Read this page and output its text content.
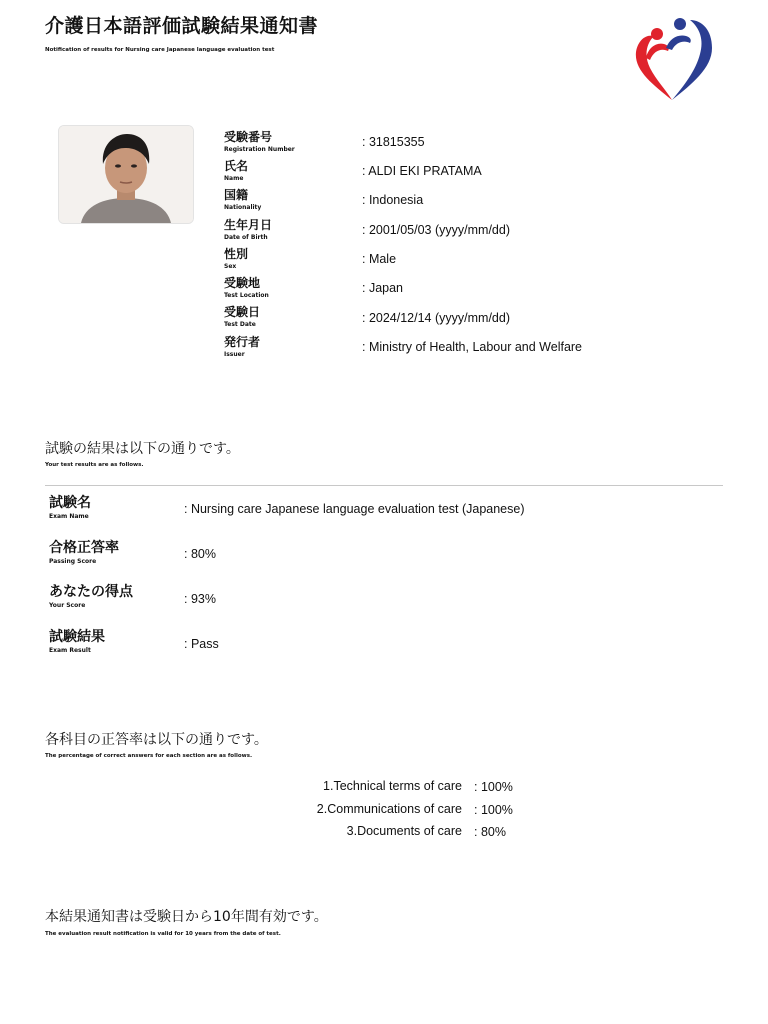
介護日本語評価試験結果通知書
Notification of results for Nursing care Japanese language evaluation test
受験番号
Registration Number
: 31815355
氏名
Name
: ALDI EKI PRATAMA
国籍
Nationality
: Indonesia
生年月日
Date of Birth
: 2001/05/03 (yyyy/mm/dd)
性別
Sex
: Male
受験地
Test Location
: Japan
受験日
Test Date	: 2024/12/14 (yyyy/mm/dd)
発行者
Issuer
: Ministry of Health, Labour and Welfare
試験の結果は以下の通りです。
Your test results are as follows.
試験名
Exam Name
: Nursing care Japanese language evaluation test (Japanese)
合格正答率
Passing Score
: 80%
あなたの得点
Your Score	: 93%
試験結果
Exam Result	: Pass
各科目の正答率は以下の通りです。
The percentage of correct answers for each section are as follows.
1.Technical terms of care : 100%
2.Communications of care : 100%
3.Documents of care : 80%
本結果通知書は受験日から10年間有効です。
The evaluation result notification is valid for 10 years from the date of test.
